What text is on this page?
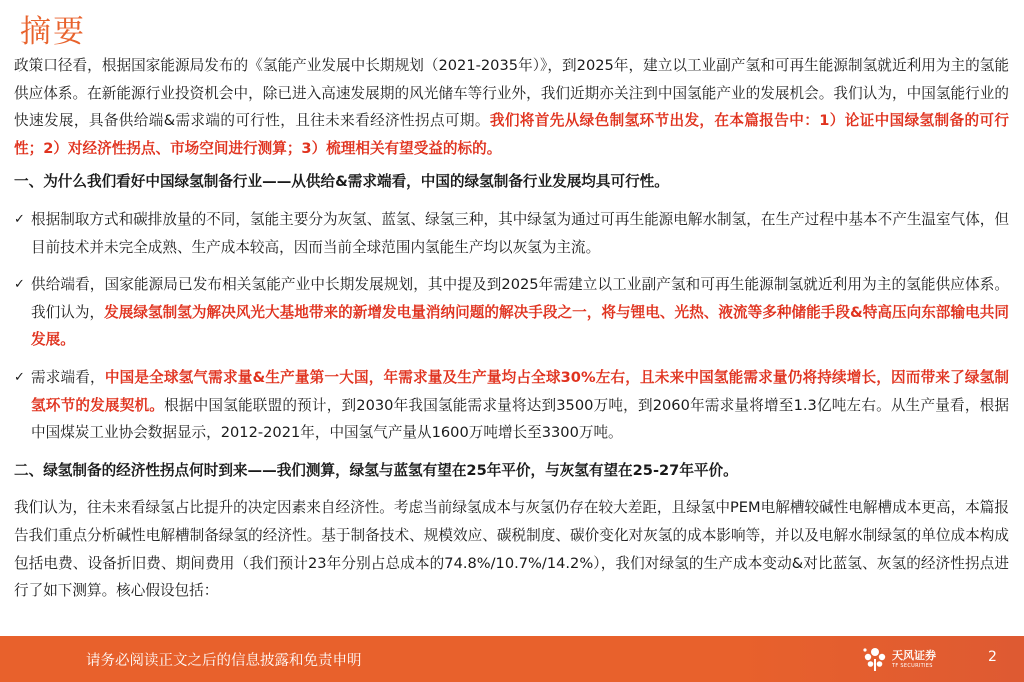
摘要

政策口径看，根据国家能源局发布的《氢能产业发展中长期规划（2021-2035年）》，到2025年，建立以工业副产氢和可再生能源制氢就近利用为主的氢能供应体系。在新能源行业投资机会中，除已进入高速发展期的风光储车等行业外，我们近期亦关注到中国氢能产业的发展机会。我们认为，中国氢能行业的快速发展，具备供给端&需求端的可行性，且往未来看经济性拐点可期。我们将首先从绿色制氢环节出发，在本篇报告中：1）论证中国绿氢制备的可行性；2）对经济性拐点、市场空间进行测算；3）梳理相关有望受益的标的。

一、为什么我们看好中国绿氢制备行业——从供给&需求端看，中国的绿氢制备行业发展均具可行性。

✓ 根据制取方式和碳排放量的不同，氢能主要分为灰氢、蓝氢、绿氢三种，其中绿氢为通过可再生能源电解水制氢，在生产过程中基本不产生温室气体，但目前技术并未完全成熟、生产成本较高，因而当前全球范围内氢能生产均以灰氢为主流。
✓ 供给端看，国家能源局已发布相关氢能产业中长期发展规划，其中提及到2025年需建立以工业副产氢和可再生能源制氢就近利用为主的氢能供应体系。我们认为，发展绿氢制氢为解决风光大基地带来的新增发电量消纳问题的解决手段之一，将与锂电、光热、液流等多种储能手段&特高压向东部输电共同发展。
✓ 需求端看，中国是全球氢气需求量&生产量第一大国，年需求量及生产量均占全球30%左右，且未来中国氢能需求量仍将持续增长，因而带来了绿氢制氢环节的发展契机。根据中国氢能联盟的预计，到2030年我国氢能需求量将达到3500万吨，到2060年需求量将增至1.3亿吨左右。从生产量看，根据中国煤炭工业协会数据显示，2012-2021年，中国氢气产量从1600万吨增长至3300万吨。

二、绿氢制备的经济性拐点何时到来——我们测算，绿氢与蓝氢有望在25年平价，与灰氢有望在25-27年平价。

我们认为，往未来看绿氢占比提升的决定因素来自经济性。考虑当前绿氢成本与灰氢仍存在较大差距，且绿氢中PEM电解槽较碱性电解槽成本更高，本篇报告我们重点分析碱性电解槽制备绿氢的经济性。基于制备技术、规模效应、碳税制度、碳价变化对灰氢的成本影响等，并以及电解水制绿氢的单位成本构成包括电费、设备折旧费、期间费用（我们预计23年分别占总成本的74.8%/10.7%/14.2%），我们对绿氢的生产成本变动&对比蓝氢、灰氢的经济性拐点进行了如下测算。核心假设包括：

请务必阅读正文之后的信息披露和免责申明	天风证券
TF SECURITIES
2
